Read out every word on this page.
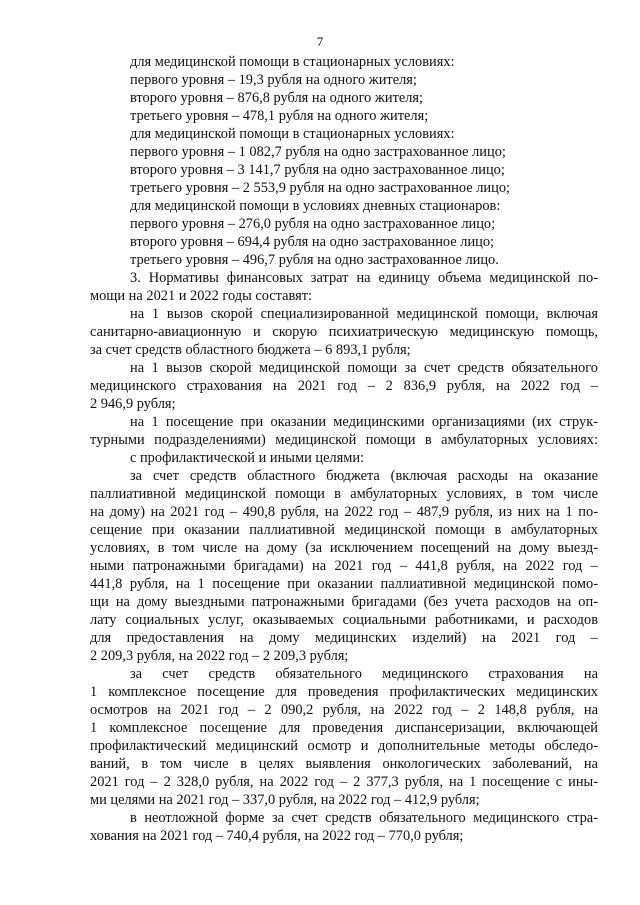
7
для медицинской помощи в стационарных условиях:
первого уровня – 19,3 рубля на одного жителя;
второго уровня – 876,8 рубля на одного жителя;
третьего уровня – 478,1 рубля на одного жителя;
для медицинской помощи в стационарных условиях:
первого уровня – 1 082,7 рубля на одно застрахованное лицо;
второго уровня – 3 141,7 рубля на одно застрахованное лицо;
третьего уровня – 2 553,9 рубля на одно застрахованное лицо;
для медицинской помощи в условиях дневных стационаров:
первого уровня – 276,0 рубля на одно застрахованное лицо;
второго уровня – 694,4 рубля на одно застрахованное лицо;
третьего уровня – 496,7 рубля на одно застрахованное лицо.
3. Нормативы финансовых затрат на единицу объема медицинской по-
мощи на 2021 и 2022 годы составят:
на 1 вызов скорой специализированной медицинской помощи, включая
санитарно-авиационную и скорую психиатрическую медицинскую помощь,
за счет средств областного бюджета – 6 893,1 рубля;
на 1 вызов скорой медицинской помощи за счет средств обязательного
медицинского страхования на 2021 год – 2 836,9 рубля, на 2022 год –
2 946,9 рубля;
на 1 посещение при оказании медицинскими организациями (их струк-
турными подразделениями) медицинской помощи в амбулаторных условиях:
с профилактической и иными целями:
за счет средств областного бюджета (включая расходы на оказание
паллиативной медицинской помощи в амбулаторных условиях, в том числе
на дому) на 2021 год – 490,8 рубля, на 2022 год – 487,9 рубля, из них на 1 по-
сещение при оказании паллиативной медицинской помощи в амбулаторных
условиях, в том числе на дому (за исключением посещений на дому выезд-
ными патронажными бригадами) на 2021 год – 441,8 рубля, на 2022 год –
441,8 рубля, на 1 посещение при оказании паллиативной медицинской помо-
щи на дому выездными патронажными бригадами (без учета расходов на оп-
лату социальных услуг, оказываемых социальными работниками, и расходов
для предоставления на дому медицинских изделий) на 2021 год –
2 209,3 рубля, на 2022 год – 2 209,3 рубля;
за счет средств обязательного медицинского страхования на
1 комплексное посещение для проведения профилактических медицинских
осмотров на 2021 год – 2 090,2 рубля, на 2022 год – 2 148,8 рубля, на
1 комплексное посещение для проведения диспансеризации, включающей
профилактический медицинский осмотр и дополнительные методы обследо-
ваний, в том числе в целях выявления онкологических заболеваний, на
2021 год – 2 328,0 рубля, на 2022 год – 2 377,3 рубля, на 1 посещение с ины-
ми целями на 2021 год – 337,0 рубля, на 2022 год – 412,9 рубля;
в неотложной форме за счет средств обязательного медицинского стра-
хования на 2021 год – 740,4 рубля, на 2022 год – 770,0 рубля;
